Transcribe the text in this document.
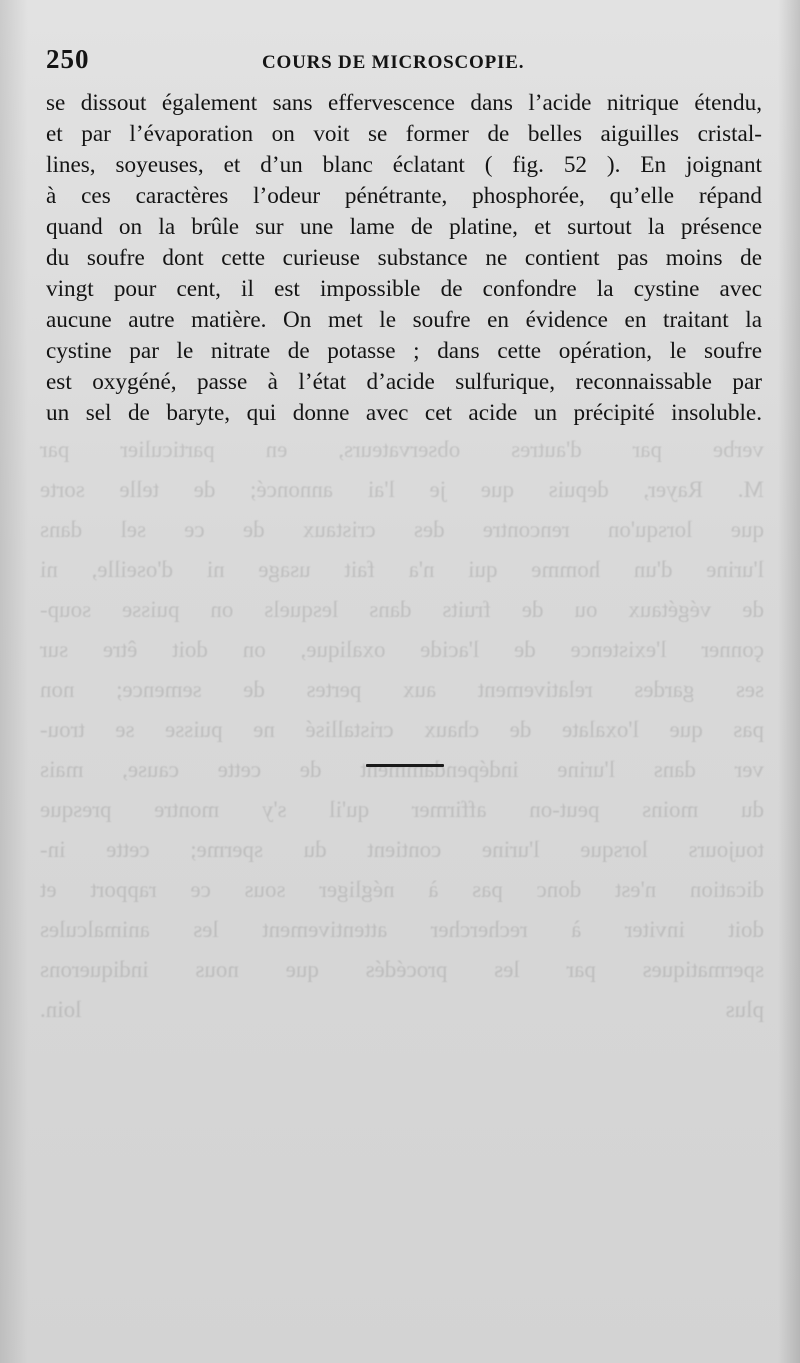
verbe par d'autres observateurs, en particulier par
M. Rayer, depuis que je l'ai annoncé; de telle sorte
que lorsqu'on rencontre des cristaux de ce sel dans
l'urine d'un homme qui n'a fait usage ni d'oseille, ni
de végétaux ou de fruits dans lesquels on puisse soup-
çonner l'existence de l'acide oxalique, on doit être sur
ses gardes relativement aux pertes de semence; non
pas que l'oxalate de chaux cristallisé ne puisse se trou-
ver dans l'urine indépendamment de cette cause, mais
du moins peut-on affirmer qu'il s'y montre presque
toujours lorsque l'urine contient du sperme; cette in-
dication n'est donc pas à négliger sous ce rapport et
doit inviter à rechercher attentivement les animalcules
spermatiques par les procédés que nous indiquerons
plus loin.
250	COURS DE MICROSCOPIE.

se dissout également sans effervescence dans l’acide nitrique étendu,
et par l’évaporation on voit se former de belles aiguilles cristal-
lines, soyeuses, et d’un blanc éclatant ( fig. 52 ). En joignant
à ces caractères l’odeur pénétrante, phosphorée, qu’elle répand
quand on la brûle sur une lame de platine, et surtout la présence
du soufre dont cette curieuse substance ne contient pas moins de
vingt pour cent, il est impossible de confondre la cystine avec
aucune autre matière. On met le soufre en évidence en traitant la
cystine par le nitrate de potasse ; dans cette opération, le soufre
est oxygéné, passe à l’état d’acide sulfurique, reconnaissable par
un sel de baryte, qui donne avec cet acide un précipité insoluble.
